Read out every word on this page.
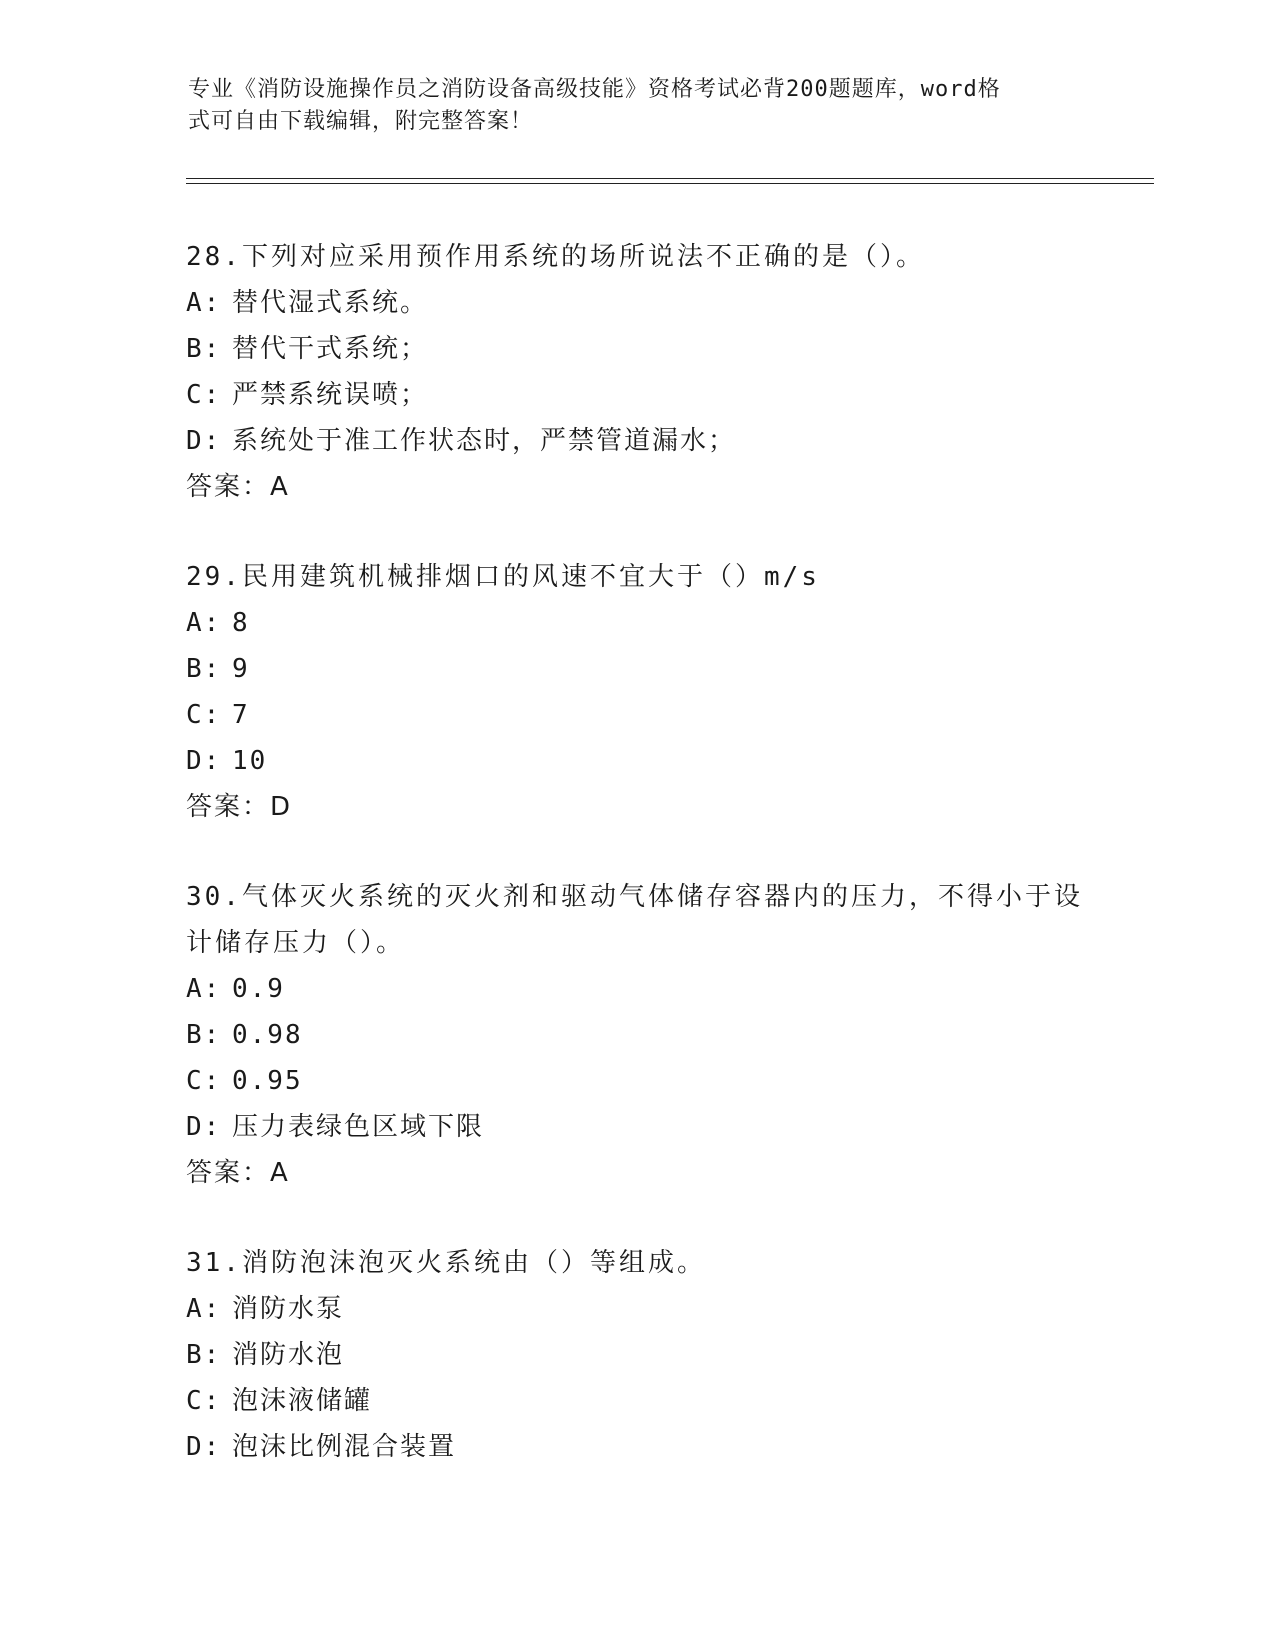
专业《消防设施操作员之消防设备高级技能》资格考试必背200题题库，word格
式可自由下载编辑，附完整答案！
28.下列对应采用预作用系统的场所说法不正确的是（）。
A: 替代湿式系统。
B: 替代干式系统；
C: 严禁系统误喷；
D: 系统处于准工作状态时，严禁管道漏水；
答案：A
29.民用建筑机械排烟口的风速不宜大于（）m/s
A: 8
B: 9
C: 7
D: 10
答案：D
30.气体灭火系统的灭火剂和驱动气体储存容器内的压力，不得小于设
计储存压力（）。
A: 0.9
B: 0.98
C: 0.95
D: 压力表绿色区域下限
答案：A
31.消防泡沫泡灭火系统由（）等组成。
A: 消防水泵
B: 消防水泡
C: 泡沫液储罐
D: 泡沫比例混合装置
